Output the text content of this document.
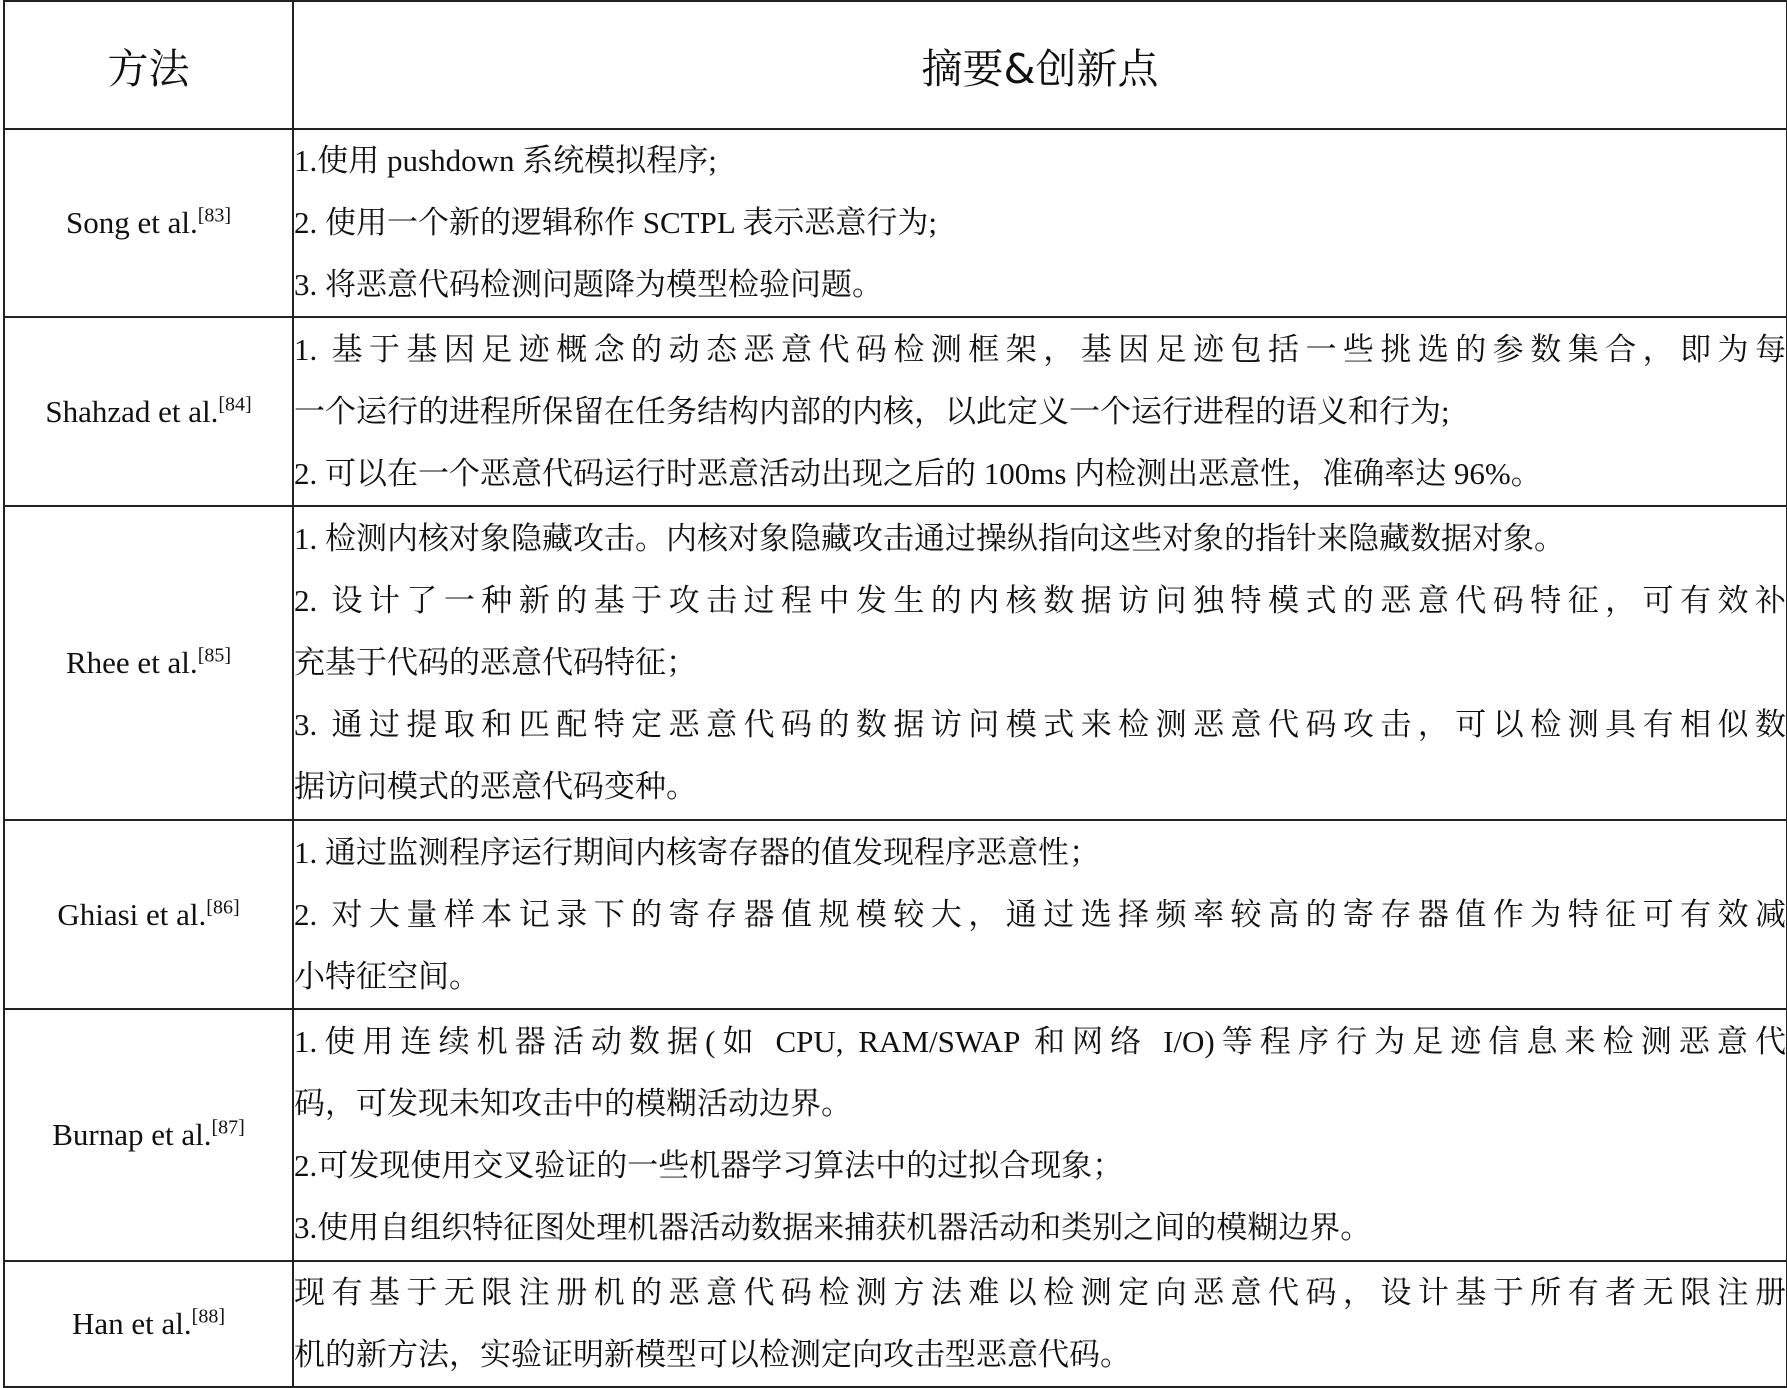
方法	摘要&创新点
Song et al.[83]	1.使用 pushdown 系统模拟程序;
2. 使用一个新的逻辑称作 SCTPL 表示恶意行为;
3. 将恶意代码检测问题降为模型检验问题。

Shahzad et al.[84]	1. 基于基因足迹概念的动态恶意代码检测框架，基因足迹包括一些挑选的参数集合，即为每
一个运行的进程所保留在任务结构内部的内核，以此定义一个运行进程的语义和行为;
2. 可以在一个恶意代码运行时恶意活动出现之后的 100ms 内检测出恶意性，准确率达 96%。

Rhee et al.[85]	1. 检测内核对象隐藏攻击。内核对象隐藏攻击通过操纵指向这些对象的指针来隐藏数据对象。
2. 设计了一种新的基于攻击过程中发生的内核数据访问独特模式的恶意代码特征，可有效补
充基于代码的恶意代码特征；
3. 通过提取和匹配特定恶意代码的数据访问模式来检测恶意代码攻击，可以检测具有相似数
据访问模式的恶意代码变种。

Ghiasi et al.[86]	1. 通过监测程序运行期间内核寄存器的值发现程序恶意性；
2. 对大量样本记录下的寄存器值规模较大，通过选择频率较高的寄存器值作为特征可有效减
小特征空间。

Burnap et al.[87]	1.使用连续机器活动数据(如 CPU, RAM/SWAP 和网络 I/O)等程序行为足迹信息来检测恶意代
码，可发现未知攻击中的模糊活动边界。
2.可发现使用交叉验证的一些机器学习算法中的过拟合现象；
3.使用自组织特征图处理机器活动数据来捕获机器活动和类别之间的模糊边界。

Han et al.[88]	现有基于无限注册机的恶意代码检测方法难以检测定向恶意代码，设计基于所有者无限注册
机的新方法，实验证明新模型可以检测定向攻击型恶意代码。
